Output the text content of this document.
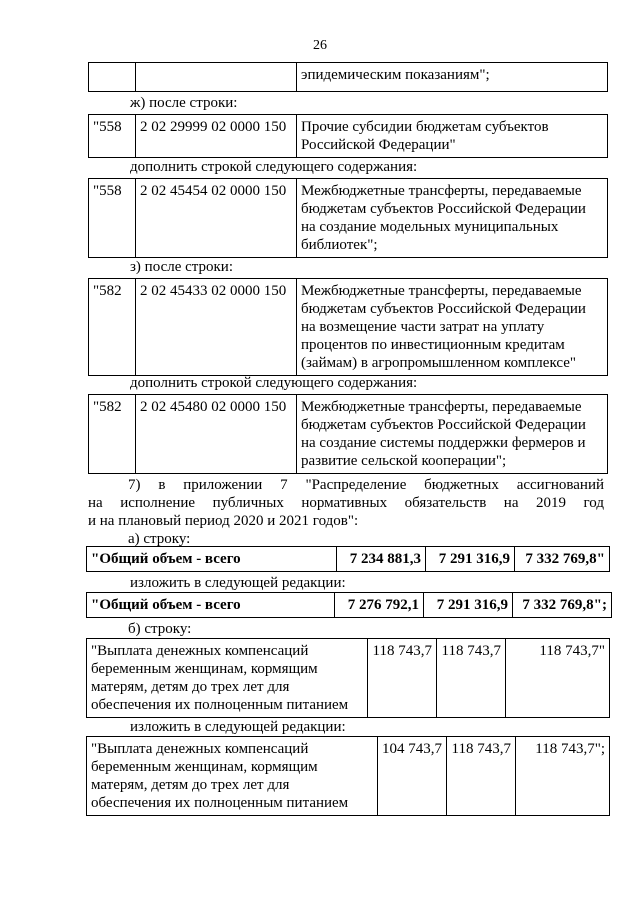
26
		эпидемическим показаниям";
ж) после строки:
"558	2 02 29999 02 0000 150	Прочие субсидии бюджетам субъектов Российской Федерации"
дополнить строкой следующего содержания:
"558	2 02 45454 02 0000 150	Межбюджетные трансферты, передаваемые бюджетам субъектов Российской Федерации на создание модельных муниципальных библиотек";
з) после строки:
"582	2 02 45433 02 0000 150	Межбюджетные трансферты, передаваемые бюджетам субъектов Российской Федерации на возмещение части затрат на уплату процентов по инвестиционным кредитам (займам) в агропромышленном комплексе"
дополнить строкой следующего содержания:
"582	2 02 45480 02 0000 150	Межбюджетные трансферты, передаваемые бюджетам субъектов Российской Федерации на создание системы поддержки фермеров и развитие сельской кооперации";
7) в приложении 7 "Распределение бюджетных ассигнований
на исполнение публичных нормативных обязательств на 2019 год
и на плановый период 2020 и 2021 годов":
а) строку:
"Общий объем - всего	7 234 881,3	7 291 316,9	7 332 769,8"
изложить в следующей редакции:
"Общий объем - всего	7 276 792,1	7 291 316,9	7 332 769,8";
б) строку:
"Выплата денежных компенсаций беременным женщинам, кормящим матерям, детям до трех лет для обеспечения их полноценным питанием	118 743,7	118 743,7	118 743,7"
изложить в следующей редакции:
"Выплата денежных компенсаций беременным женщинам, кормящим матерям, детям до трех лет для обеспечения их полноценным питанием	104 743,7	118 743,7	118 743,7";
